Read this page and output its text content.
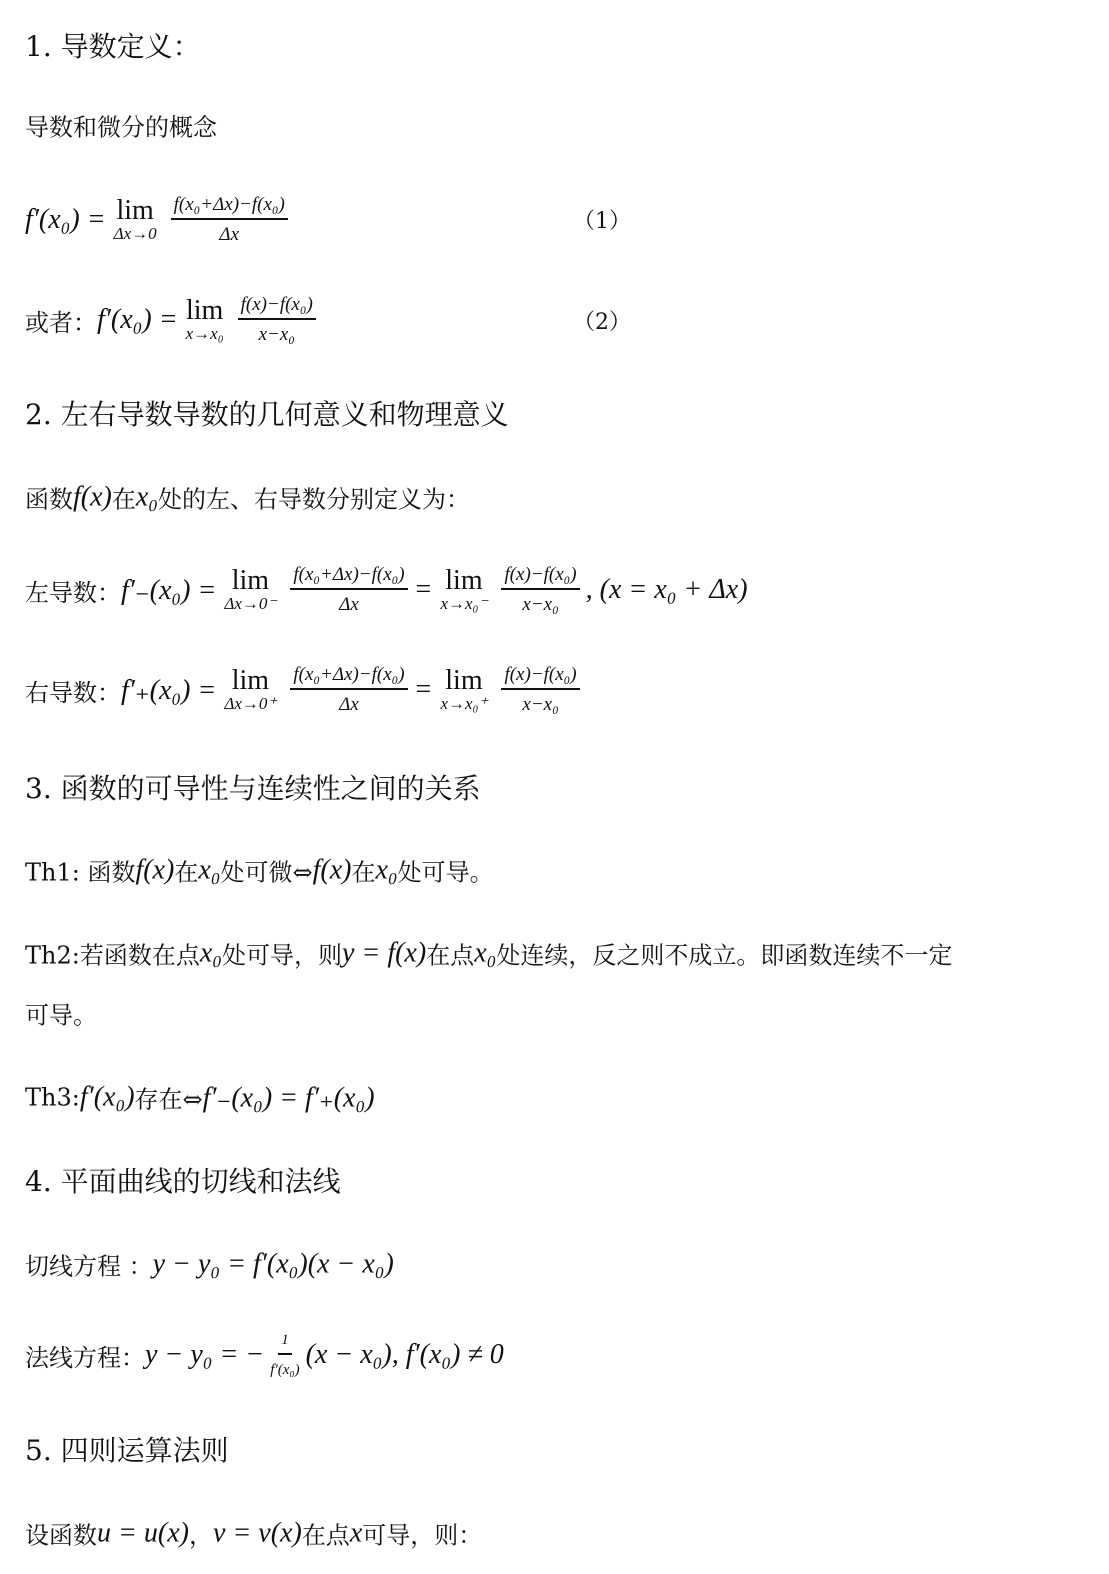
1. 导数定义：
导数和微分的概念
f′(x₀) = lim
$\Delta x\to 0 \frac{\text{f(x₀+Δx)−f(x₀)}}{\Delta x}$	（1）
或者： f′(x₀) = lim
$x\to x_0 \frac{\text{f(x)−f(x₀)}}{\text{x−x₀}}$	（2）
2. 左右导数导数的几何意义和物理意义
函数 f(x) 在 x₀ 处的左、右导数分别定义为：
左导数： f′₋(x₀) = lim
$\Delta x\to 0^- \frac{\text{f(x₀+Δx)−f(x₀)}}{\Delta x} = \lim$
$x\to x_0^- \frac{\text{f(x)−f(x₀)}}{\text{x−x₀}}$ , (x = x₀ + Δx)
右导数： f′₊(x₀) = lim
$\Delta x\to 0^+ \frac{\text{f(x₀+Δx)−f(x₀)}}{\Delta x} = \lim$
$x\to x_0^+ \frac{\text{f(x)−f(x₀)}}{\text{x−x₀}}$
3. 函数的可导性与连续性之间的关系
Th1: 函数 f(x) 在 x₀ 处可微⇔ f(x) 在 x₀ 处可导。
Th2:若函数在点 x₀ 处可导，则 y = f(x) 在点 x₀ 处连续，反之则不成立。即函数连续不一定
可导。
Th3: f′(x₀) 存在⇔ f′₋(x₀) = f′₊(x₀)
4. 平面曲线的切线和法线
切线方程 ： y − y₀ = f′(x₀)(x − x₀)
法线方程： y − y₀ = − $\frac{1}{\text{f′(x₀)}} (x - x_0)$, f′(x₀) ≠ 0
5. 四则运算法则
设函数 u = u(x) ， v = v(x) 在点 x 可导，则：
